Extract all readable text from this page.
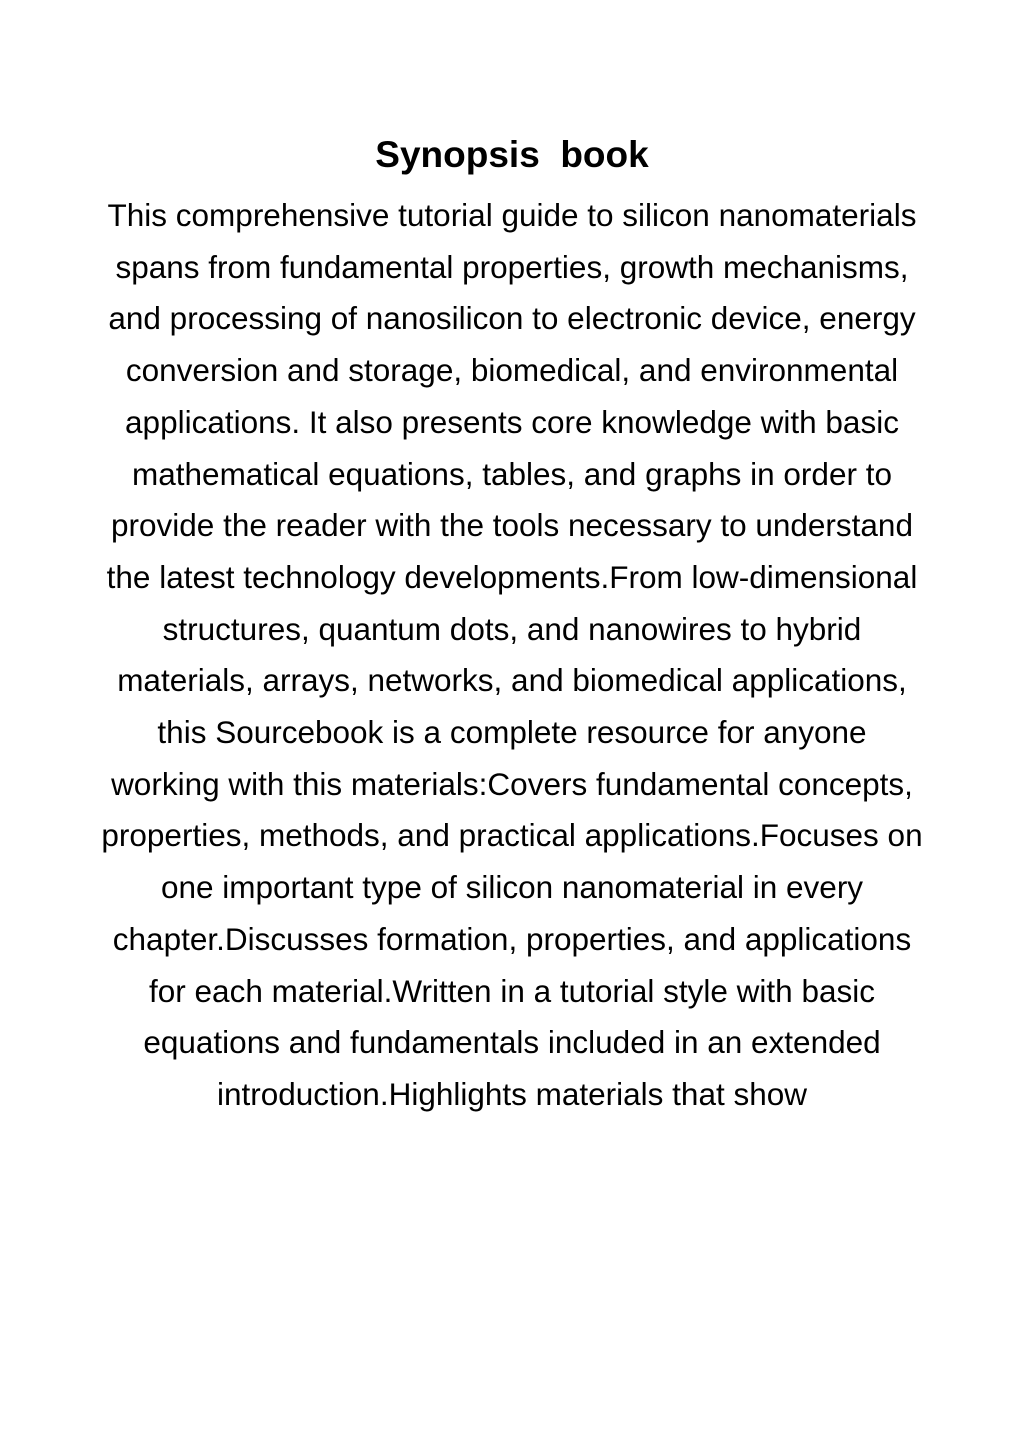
Synopsis  book
This comprehensive tutorial guide to silicon nanomaterials
spans from fundamental properties, growth mechanisms,
and processing of nanosilicon to electronic device, energy
conversion and storage, biomedical, and environmental
applications. It also presents core knowledge with basic
mathematical equations, tables, and graphs in order to
provide the reader with the tools necessary to understand
the latest technology developments.From low-dimensional
structures, quantum dots, and nanowires to hybrid
materials, arrays, networks, and biomedical applications,
this Sourcebook is a complete resource for anyone
working with this materials:Covers fundamental concepts,
properties, methods, and practical applications.Focuses on
one important type of silicon nanomaterial in every
chapter.Discusses formation, properties, and applications
for each material.Written in a tutorial style with basic
equations and fundamentals included in an extended
introduction.Highlights materials that show
